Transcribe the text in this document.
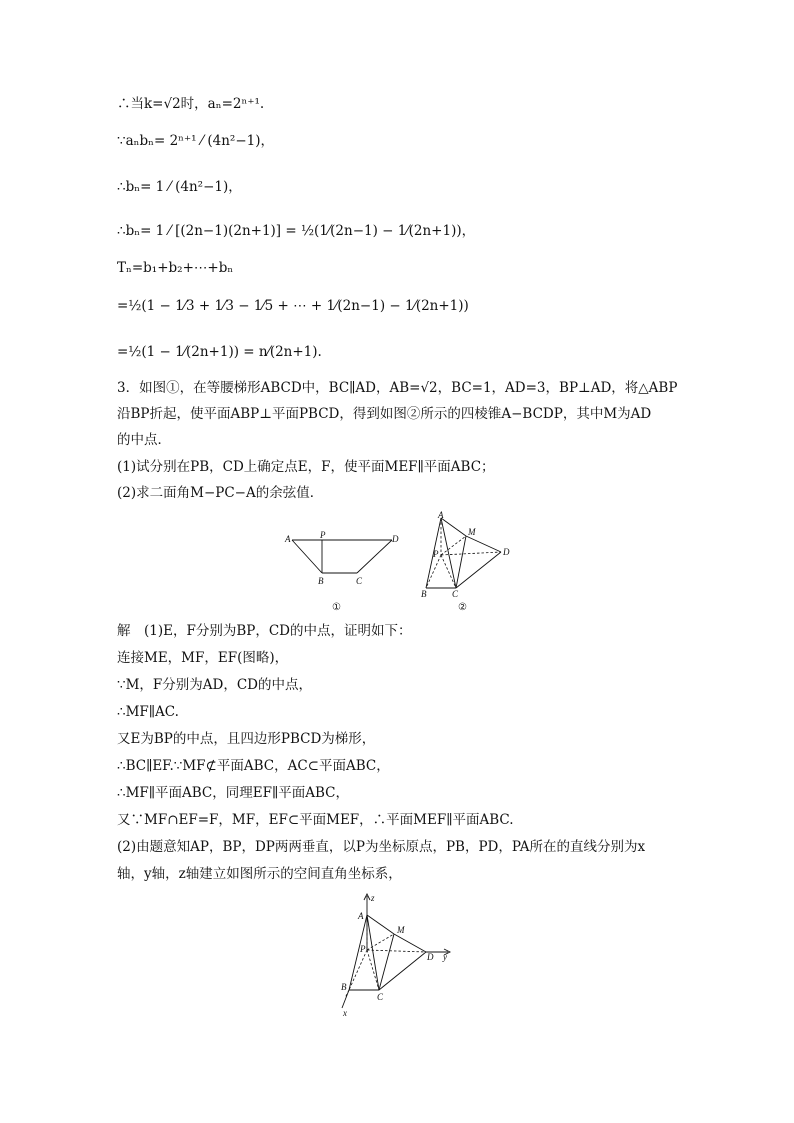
∴当k=√2时，aₙ=2ⁿ⁺¹.
∵aₙbₙ= 2ⁿ⁺¹ ⁄ (4n²−1)，
∴bₙ= 1 ⁄ (4n²−1)，
∴bₙ= 1 ⁄ [(2n−1)(2n+1)] = ½(1⁄(2n−1) − 1⁄(2n+1))，
Tₙ=b₁+b₂+⋯+bₙ
=½(1 − 1⁄3 + 1⁄3 − 1⁄5 + ⋯ + 1⁄(2n−1) − 1⁄(2n+1))
=½(1 − 1⁄(2n+1)) = n⁄(2n+1).
3．如图①，在等腰梯形ABCD中，BC∥AD，AB=√2，BC=1，AD=3，BP⊥AD，将△ABP
沿BP折起，使平面ABP⊥平面PBCD，得到如图②所示的四棱锥A−BCDP，其中M为AD
的中点．
(1)试分别在PB，CD上确定点E，F，使平面MEF∥平面ABC；
(2)求二面角M−PC−A的余弦值．
A	P	D
B	C
①
A
M
P	D
B	C
②
解　(1)E，F分别为BP，CD的中点，证明如下：
连接ME，MF，EF(图略)，
∵M，F分别为AD，CD的中点，
∴MF∥AC.
又E为BP的中点，且四边形PBCD为梯形，
∴BC∥EF.∵MF⊄平面ABC，AC⊂平面ABC，
∴MF∥平面ABC，同理EF∥平面ABC，
又∵MF∩EF=F，MF，EF⊂平面MEF，∴平面MEF∥平面ABC.
(2)由题意知AP，BP，DP两两垂直，以P为坐标原点，PB，PD，PA所在的直线分别为x
轴，y轴，z轴建立如图所示的空间直角坐标系，
z
A
M
P
D y
B
C
x
